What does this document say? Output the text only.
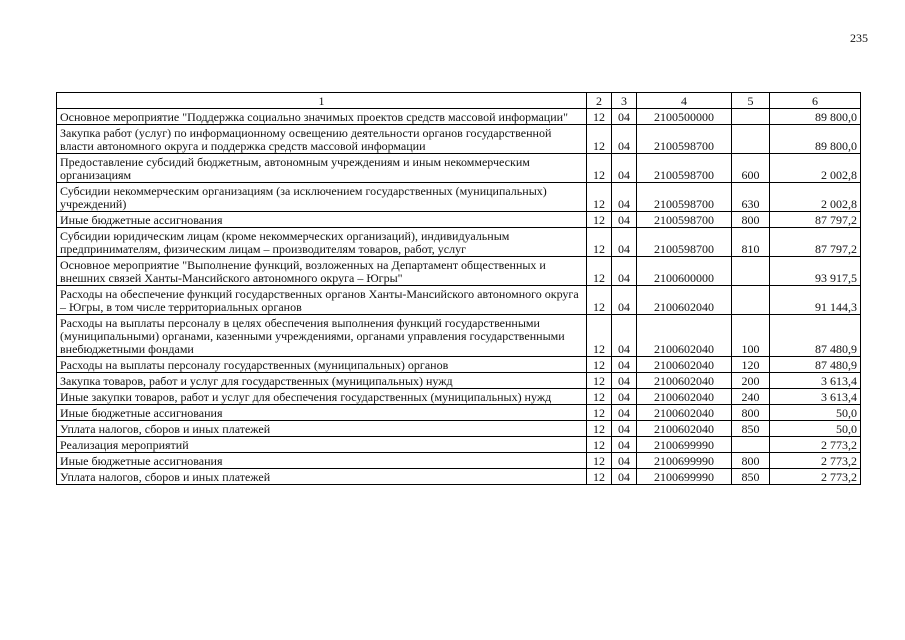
235
1	2	3	4	5	6
Основное мероприятие "Поддержка социально значимых проектов средств массовой информации"	12	04	2100500000		89 800,0
Закупка работ (услуг) по информационному освещению деятельности органов государственной власти автономного округа и поддержка средств массовой информации	12	04	2100598700		89 800,0
Предоставление субсидий бюджетным, автономным учреждениям и иным некоммерческим организациям	12	04	2100598700	600	2 002,8
Субсидии некоммерческим организациям (за исключением государственных (муниципальных) учреждений)	12	04	2100598700	630	2 002,8
Иные бюджетные ассигнования	12	04	2100598700	800	87 797,2
Субсидии юридическим лицам (кроме некоммерческих организаций), индивидуальным предпринимателям, физическим лицам – производителям товаров, работ, услуг	12	04	2100598700	810	87 797,2
Основное мероприятие "Выполнение функций, возложенных на Департамент общественных и внешних связей Ханты-Мансийского автономного округа – Югры"	12	04	2100600000		93 917,5
Расходы на обеспечение функций государственных органов Ханты-Мансийского автономного округа – Югры, в том числе территориальных органов	12	04	2100602040		91 144,3
Расходы на выплаты персоналу в целях обеспечения выполнения функций государственными (муниципальными) органами, казенными учреждениями, органами управления государственными внебюджетными фондами	12	04	2100602040	100	87 480,9
Расходы на выплаты персоналу государственных (муниципальных) органов	12	04	2100602040	120	87 480,9
Закупка товаров, работ и услуг для государственных (муниципальных) нужд	12	04	2100602040	200	3 613,4
Иные закупки товаров, работ и услуг для обеспечения государственных (муниципальных) нужд	12	04	2100602040	240	3 613,4
Иные бюджетные ассигнования	12	04	2100602040	800	50,0
Уплата налогов, сборов и иных платежей	12	04	2100602040	850	50,0
Реализация мероприятий	12	04	2100699990		2 773,2
Иные бюджетные ассигнования	12	04	2100699990	800	2 773,2
Уплата налогов, сборов и иных платежей	12	04	2100699990	850	2 773,2
